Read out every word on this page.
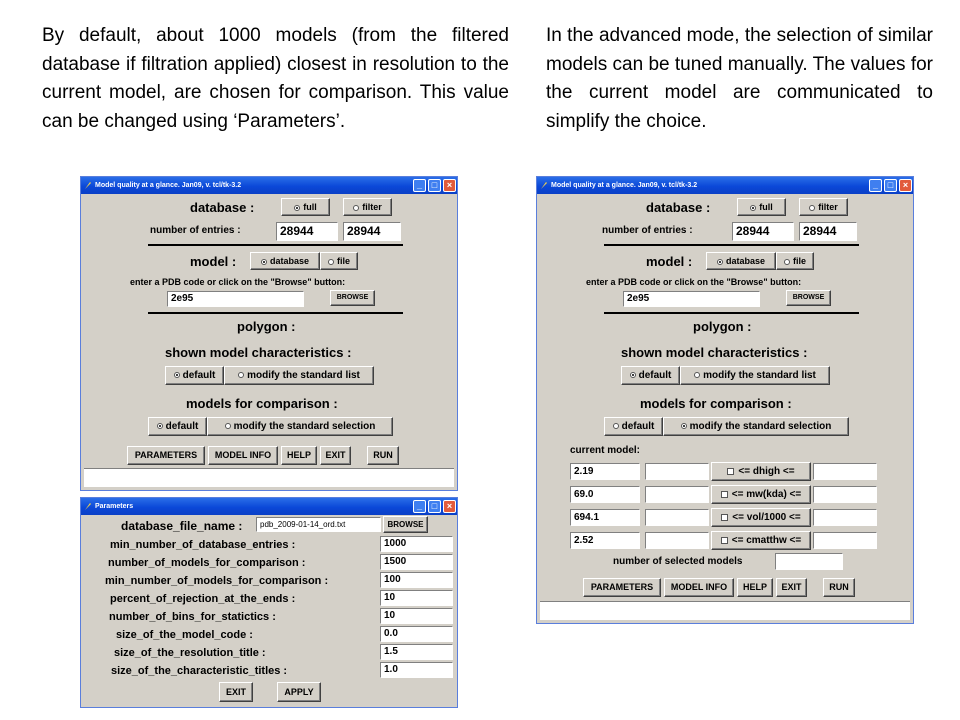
By default, about 1000 models (from the filtered database if filtration applied) closest in resolution to the current model, are chosen for comparison. This value can be changed using ‘Parameters’.
In the advanced mode, the selection of similar models can be tuned manually. The values for the current model are communicated to simplify the choice.
Model quality at a glance. Jan09, v. tcl/tk-3.2	_	□	×
database :	full	filter
number of entries :	28944	28944
model :	database	file
enter a PDB code or click on the "Browse" button:
2e95	BROWSE
polygon :
shown model characteristics :
default	modify the standard list
models for comparison :
default	modify the standard selection
PARAMETERS	MODEL INFO	HELP	EXIT	RUN
Parameters	_	□	×
database_file_name :	pdb_2009-01-14_ord.txt	BROWSE
min_number_of_database_entries :	1000
number_of_models_for_comparison :	1500
min_number_of_models_for_comparison :	100
percent_of_rejection_at_the_ends :	10
number_of_bins_for_statictics :	10
size_of_the_model_code :	0.0
size_of_the_resolution_title :	1.5
size_of_the_characteristic_titles :	1.0
EXIT	APPLY
Model quality at a glance. Jan09, v. tcl/tk-3.2	_	□	×
database :	full	filter
number of entries :	28944	28944
model :	database	file
enter a PDB code or click on the "Browse" button:
2e95	BROWSE
polygon :
shown model characteristics :
default	modify the standard list
models for comparison :
default	modify the standard selection
current model:
2.19	<= dhigh <=
69.0	<= mw(kda) <=
694.1	<= vol/1000 <=
2.52	<= cmatthw <=
number of selected models
PARAMETERS	MODEL INFO	HELP	EXIT	RUN
